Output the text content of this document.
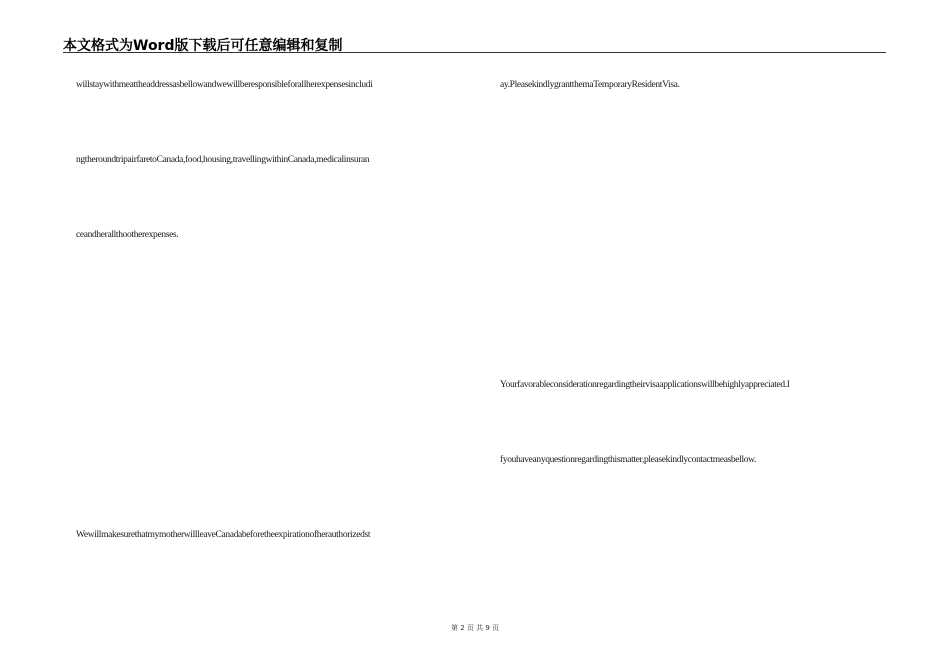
本文格式为Word版下载后可任意编辑和复制
willstaywithmeattheaddressasbellowandwewillberesponsibleforallherexpensesincludi
ngtheroundtripairfaretoCanada,food,housing,travellingwithinCanada,medicalinsuran
ceandherallthootherexpenses.
WewillmakesurethatmymotherwillleaveCanadabeforetheexpirationofherauthorizedst
ay.PleasekindlygrantthemaTemporaryResidentVisa.
Yourfavorableconsiderationregardingtheirvisaapplicationswillbehighlyappreciated.I
fyouhaveanyquestionregardingthismatter,pleasekindlycontactmeasbellow.
第 2 页 共 9 页
